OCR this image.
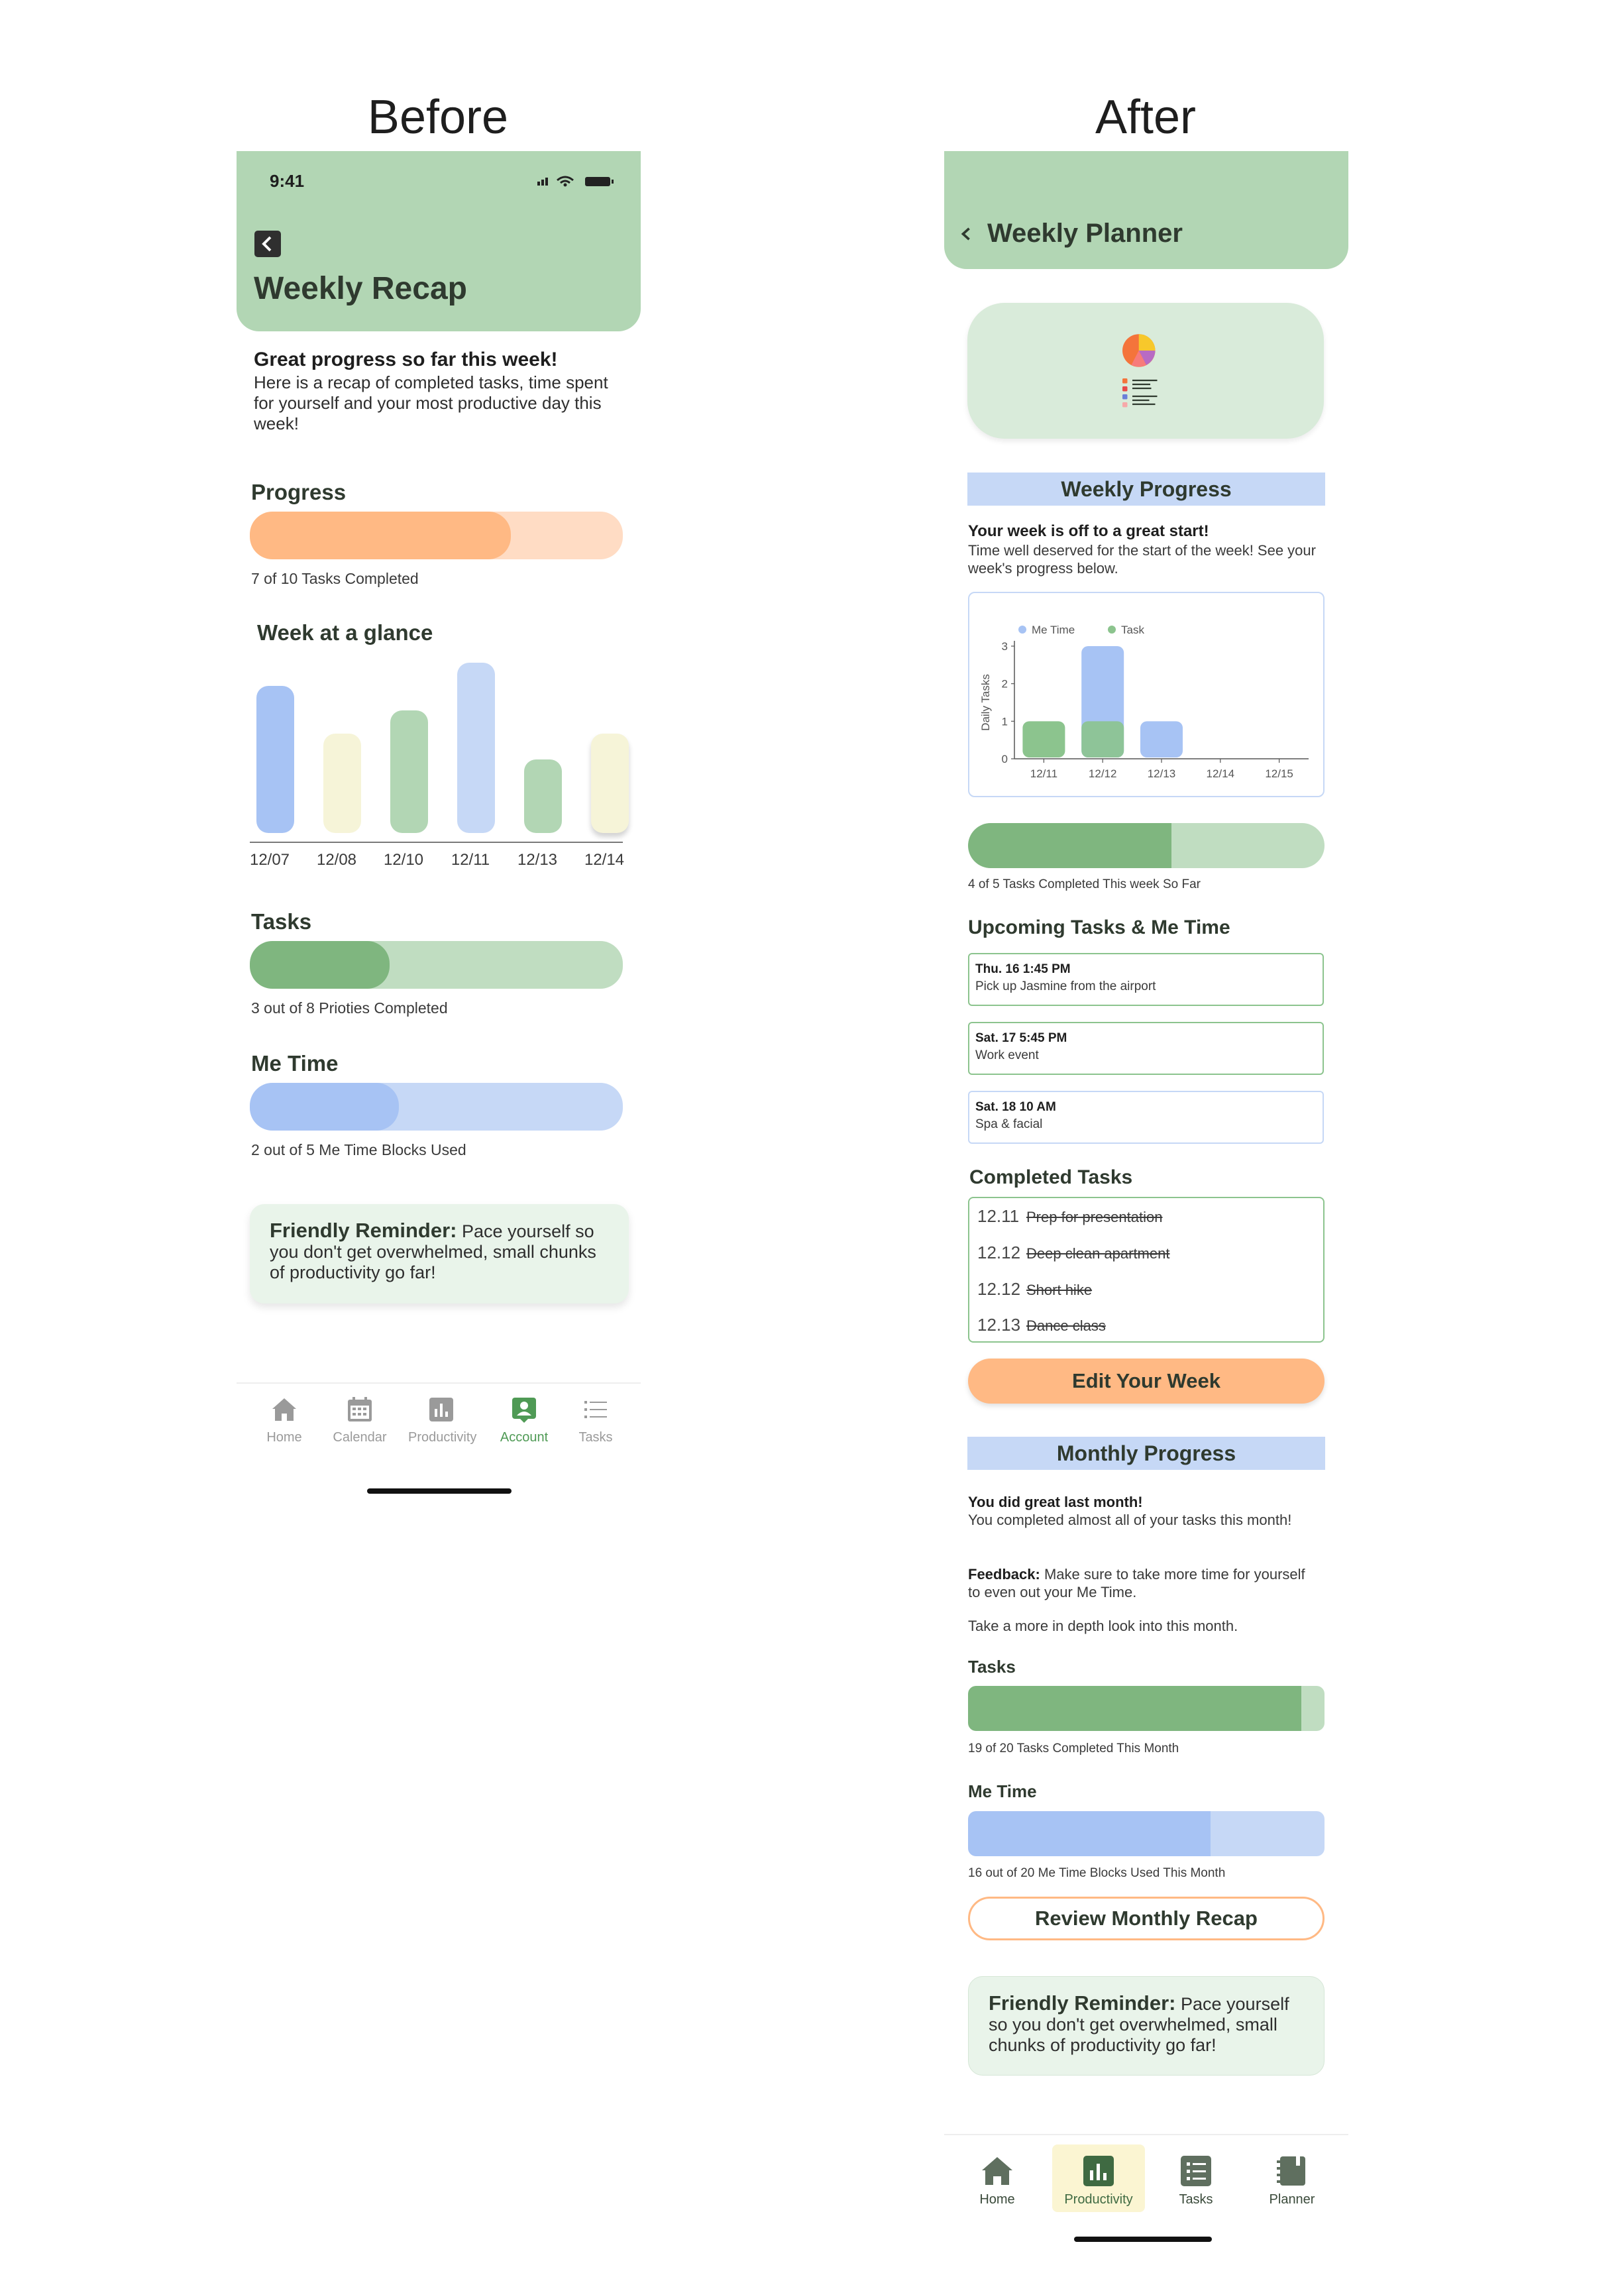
Before	After
9:41
Weekly Recap
Great progress so far this week!
Here is a recap of completed tasks, time spent for yourself and your most productive day this week!
Progress
7 of 10 Tasks Completed
Week at a glance
12/07	12/08	12/10	12/11	12/13	12/14
Tasks
3 out of 8 Prioties Completed
Me Time
2 out of 5 Me Time Blocks Used
Friendly Reminder: Pace yourself so you don't get overwhelmed, small chunks of productivity go far!
Home	Calendar	Productivity	Account	Tasks
Weekly Planner
Weekly Progress
Your week is off to a great start!
Time well deserved for the start of the week! See your week's progress below.
0
1
2
3
Daily Tasks
12/11	12/12	12/13	12/14	12/15
Me Time	Task
4 of 5 Tasks Completed This week So Far
Upcoming Tasks & Me Time
Thu. 16 1:45 PM
Pick up Jasmine from the airport
Sat. 17 5:45 PM
Work event
Sat. 18 10 AM
Spa & facial
Completed Tasks
12.11 Prep for presentation
12.12 Deep clean apartment
12.12 Short hike
12.13 Dance class
Edit Your Week
Monthly Progress
You did great last month!
You completed almost all of your tasks this month!
Feedback: Make sure to take more time for yourself to even out your Me Time.
Take a more in depth look into this month.
Tasks
19 of 20 Tasks Completed This Month
Me Time
16 out of 20 Me Time Blocks Used This Month
Review Monthly Recap
Friendly Reminder: Pace yourself so you don't get overwhelmed, small chunks of productivity go far!
Home	Productivity	Tasks	Planner
